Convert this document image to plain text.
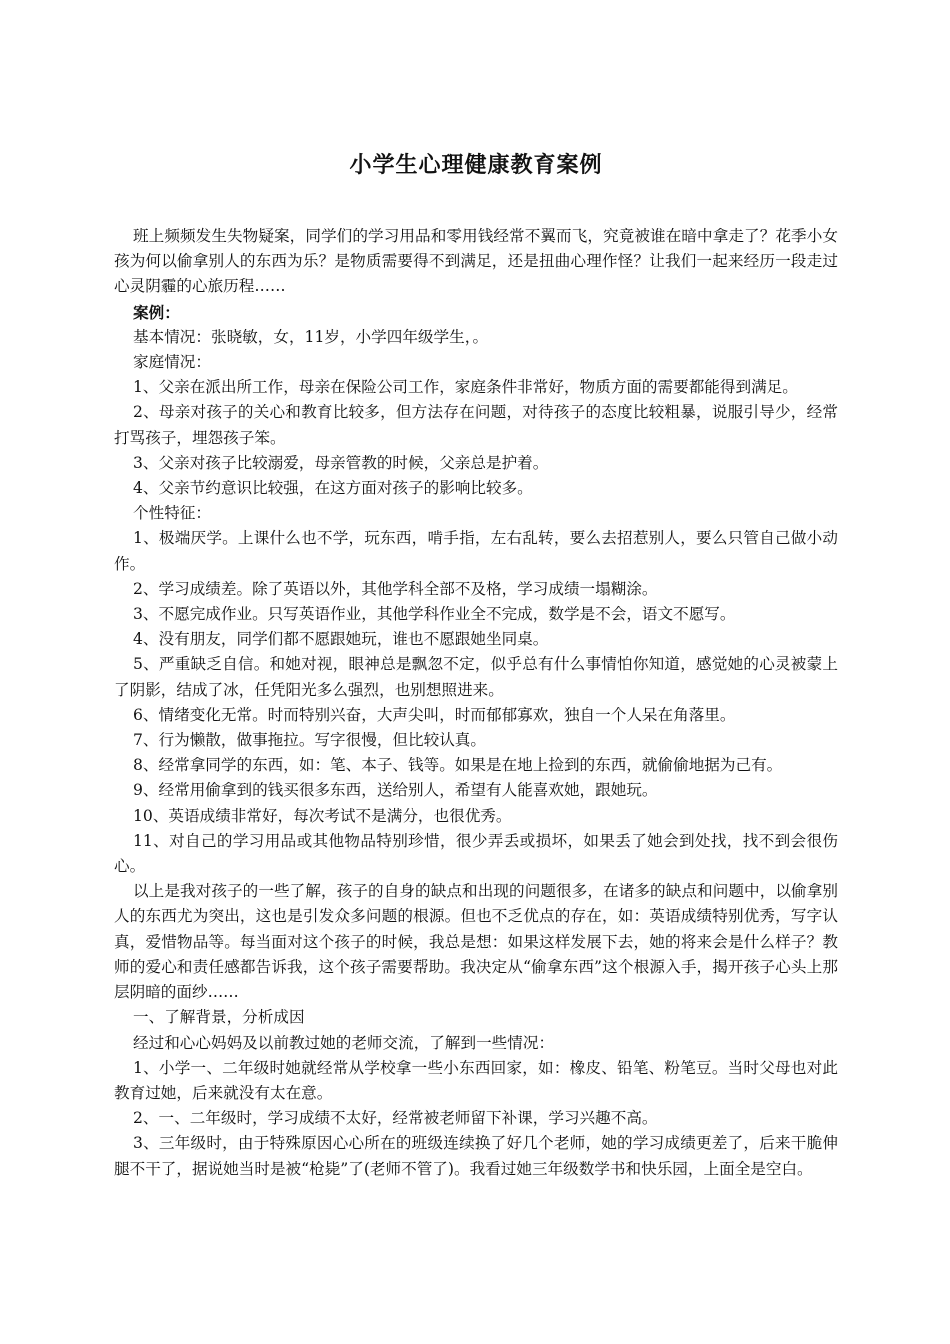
小学生心理健康教育案例

班上频频发生失物疑案，同学们的学习用品和零用钱经常不翼而飞，究竟被谁在暗中拿走了？花季小女孩为何以偷拿别人的东西为乐？是物质需要得不到满足，还是扭曲心理作怪？让我们一起来经历一段走过心灵阴霾的心旅历程……

案例：

基本情况：张晓敏，女，11岁，小学四年级学生，。

家庭情况：

1、父亲在派出所工作，母亲在保险公司工作，家庭条件非常好，物质方面的需要都能得到满足。

2、母亲对孩子的关心和教育比较多，但方法存在问题，对待孩子的态度比较粗暴，说服引导少，经常打骂孩子，埋怨孩子笨。

3、父亲对孩子比较溺爱，母亲管教的时候，父亲总是护着。

4、父亲节约意识比较强，在这方面对孩子的影响比较多。

个性特征：

1、极端厌学。上课什么也不学，玩东西，啃手指，左右乱转，要么去招惹别人，要么只管自己做小动作。

2、学习成绩差。除了英语以外，其他学科全部不及格，学习成绩一塌糊涂。

3、不愿完成作业。只写英语作业，其他学科作业全不完成，数学是不会，语文不愿写。

4、没有朋友，同学们都不愿跟她玩，谁也不愿跟她坐同桌。

5、严重缺乏自信。和她对视，眼神总是飘忽不定，似乎总有什么事情怕你知道，感觉她的心灵被蒙上了阴影，结成了冰，任凭阳光多么强烈，也别想照进来。

6、情绪变化无常。时而特别兴奋，大声尖叫，时而郁郁寡欢，独自一个人呆在角落里。

7、行为懒散，做事拖拉。写字很慢，但比较认真。

8、经常拿同学的东西，如：笔、本子、钱等。如果是在地上捡到的东西，就偷偷地据为己有。

9、经常用偷拿到的钱买很多东西，送给别人，希望有人能喜欢她，跟她玩。

10、英语成绩非常好，每次考试不是满分，也很优秀。

11、对自己的学习用品或其他物品特别珍惜，很少弄丢或损坏，如果丢了她会到处找，找不到会很伤心。

以上是我对孩子的一些了解，孩子的自身的缺点和出现的问题很多，在诸多的缺点和问题中，以偷拿别人的东西尤为突出，这也是引发众多问题的根源。但也不乏优点的存在，如：英语成绩特别优秀，写字认真，爱惜物品等。每当面对这个孩子的时候，我总是想：如果这样发展下去，她的将来会是什么样子？教师的爱心和责任感都告诉我，这个孩子需要帮助。我决定从“偷拿东西”这个根源入手，揭开孩子心头上那层阴暗的面纱……

一、了解背景，分析成因

经过和心心妈妈及以前教过她的老师交流，了解到一些情况：

1、小学一、二年级时她就经常从学校拿一些小东西回家，如：橡皮、铅笔、粉笔豆。当时父母也对此教育过她，后来就没有太在意。

2、一、二年级时，学习成绩不太好，经常被老师留下补课，学习兴趣不高。

3、三年级时，由于特殊原因心心所在的班级连续换了好几个老师，她的学习成绩更差了，后来干脆伸腿不干了，据说她当时是被“枪毙”了(老师不管了)。我看过她三年级数学书和快乐园，上面全是空白。
